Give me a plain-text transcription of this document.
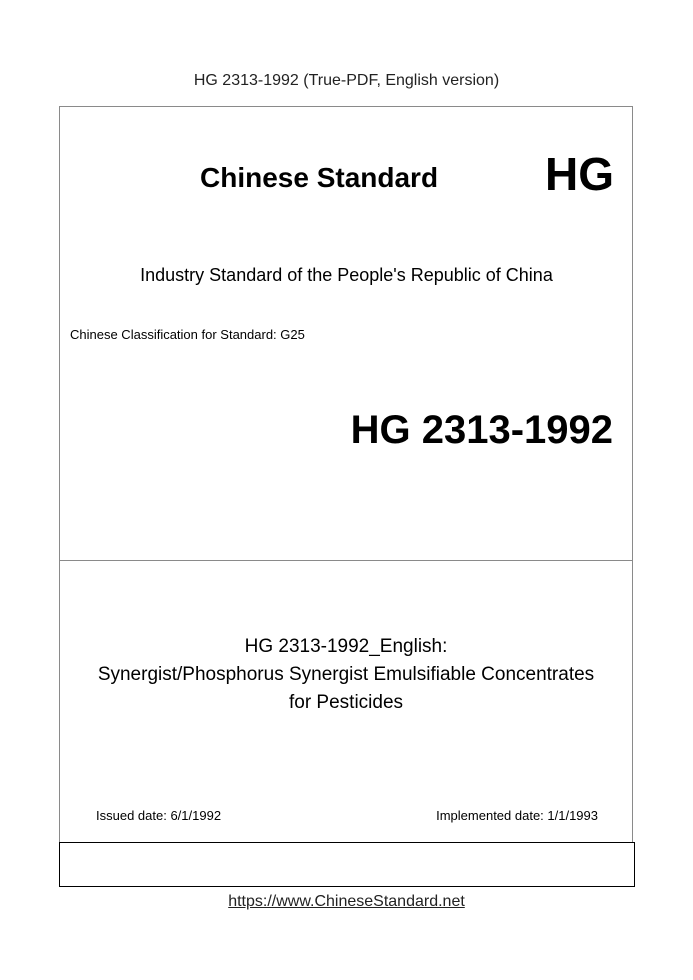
HG 2313-1992 (True-PDF, English version)
Chinese Standard HG
Industry Standard of the People's Republic of China
Chinese Classification for Standard: G25
HG 2313-1992
HG 2313-1992_English:
Synergist/Phosphorus Synergist Emulsifiable Concentrates
for Pesticides
Issued date: 6/1/1992	Implemented date: 1/1/1993
https://www.ChineseStandard.net
